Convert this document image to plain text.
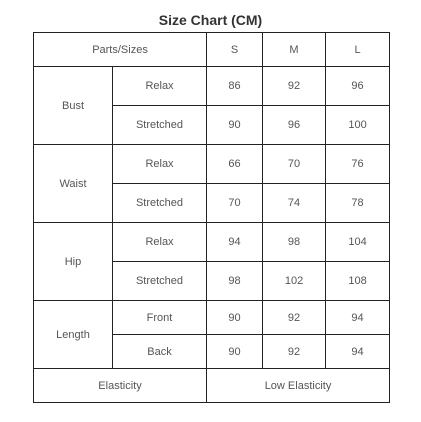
Size Chart (CM)
Parts/Sizes		S	M	L
Bust	Relax	86	92	96
	Stretched	90	96	100
Waist	Relax	66	70	76
	Stretched	70	74	78
Hip	Relax	94	98	104
	Stretched	98	102	108
Length	Front	90	92	94
	Back	90	92	94
Elasticity		Low Elasticity		
